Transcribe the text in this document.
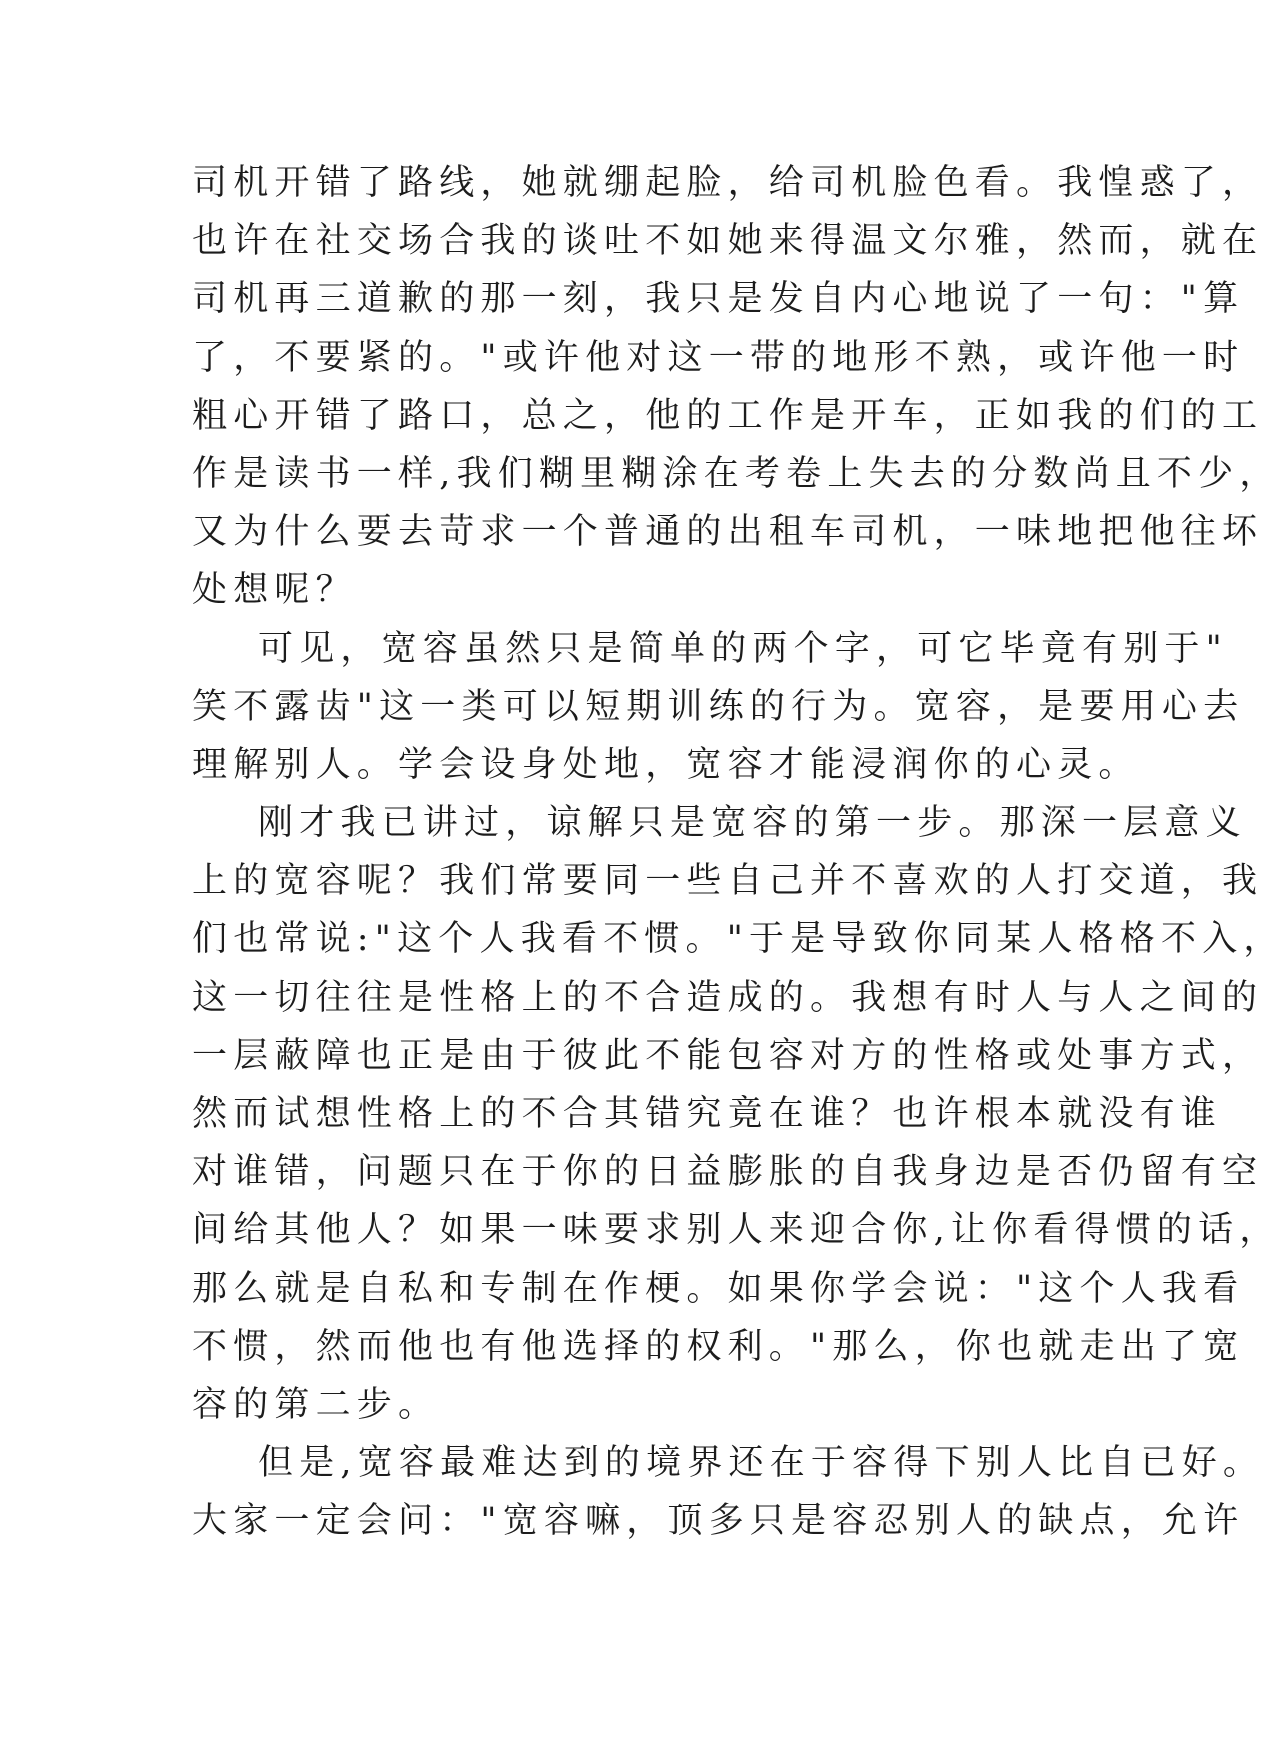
司机开错了路线，她就绷起脸，给司机脸色看。我惶惑了，
也许在社交场合我的谈吐不如她来得温文尔雅，然而，就在
司机再三道歉的那一刻，我只是发自内心地说了一句："算
了，不要紧的。"或许他对这一带的地形不熟，或许他一时
粗心开错了路口，总之，他的工作是开车，正如我的们的工
作是读书一样,我们糊里糊涂在考卷上失去的分数尚且不少，
又为什么要去苛求一个普通的出租车司机，一味地把他往坏
处想呢？
可见，宽容虽然只是简单的两个字，可它毕竟有别于"
笑不露齿"这一类可以短期训练的行为。宽容，是要用心去
理解别人。学会设身处地，宽容才能浸润你的心灵。
刚才我已讲过，谅解只是宽容的第一步。那深一层意义
上的宽容呢？我们常要同一些自己并不喜欢的人打交道，我
们也常说:"这个人我看不惯。"于是导致你同某人格格不入，
这一切往往是性格上的不合造成的。我想有时人与人之间的
一层蔽障也正是由于彼此不能包容对方的性格或处事方式，
然而试想性格上的不合其错究竟在谁？也许根本就没有谁
对谁错，问题只在于你的日益膨胀的自我身边是否仍留有空
间给其他人？如果一味要求别人来迎合你,让你看得惯的话，
那么就是自私和专制在作梗。如果你学会说："这个人我看
不惯，然而他也有他选择的权利。"那么，你也就走出了宽
容的第二步。
但是,宽容最难达到的境界还在于容得下别人比自已好。
大家一定会问："宽容嘛，顶多只是容忍别人的缺点，允许
